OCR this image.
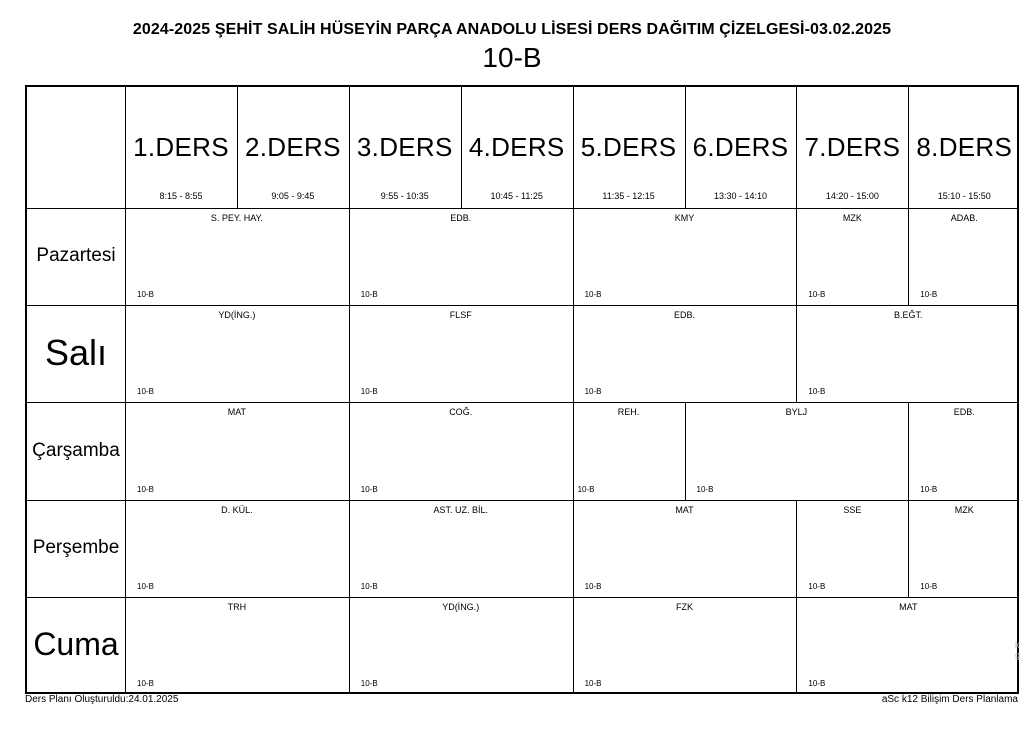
2024-2025 ŞEHİT SALİH HÜSEYİN PARÇA ANADOLU LİSESİ DERS DAĞITIM ÇİZELGESİ-03.02.2025
10-B
1.DERS
8:15 - 8:55
2.DERS
9:05 - 9:45
3.DERS
9:55 - 10:35
4.DERS
10:45 - 11:25
5.DERS
11:35 - 12:15
6.DERS
13:30 - 14:10
7.DERS
14:20 - 15:00
8.DERS
15:10 - 15:50
Pazartesi
S. PEY. HAY.
10-B
EDB.
10-B
KMY
10-B
MZK
10-B
ADAB.
10-B
Salı
YD(İNG.)
10-B
FLSF
10-B
EDB.
10-B
B.EĞT.
10-B
Çarşamba
MAT
10-B
COĞ.
10-B
REH.
10-B
BYLJ
10-B
EDB.
10-B
Perşembe
D. KÜL.
10-B
AST. UZ. BİL.
10-B
MAT
10-B
SSE
10-B
MZK
10-B
Cuma
TRH
10-B
YD(İNG.)
10-B
FZK
10-B
MAT
10-B
Ders Planı Oluşturuldu:24.01.2025	aSc k12 Bilişim Ders Planlama
k
g
